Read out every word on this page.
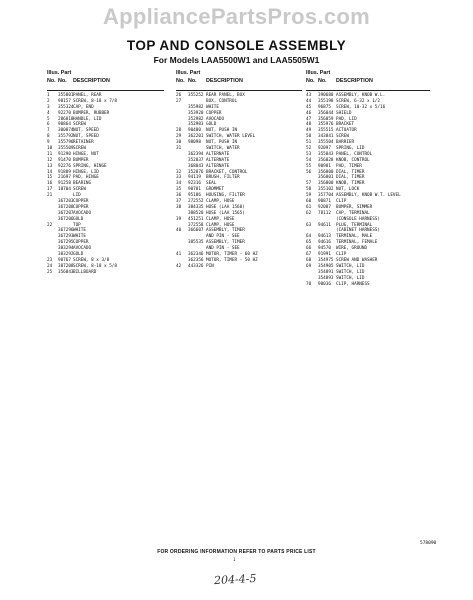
AppliancePartsPros.com
TOP AND CONSOLE ASSEMBLY
For Models LAA5500W1 and LAA5505W1
Illus. Part
No. No. DESCRIPTION
1 355801 PANEL, REAR
2 98157 SCREW, 8-18 x 7/8
3 355324 CAP, END
4 92270 BUMPER, RUBBER
5 286818 HANDLE, LID
6 90864 SCREW
7 300874 NUT, SPEED
8 355792 NUT, SPEED
9 355796 RETAINER
10 355509 SCREW
11 91290 HINGE, NUT
12 91470 BUMPER
13 92276 SPRING, HINGE
14 91889 HINGE, LID
15 21697 PAD, HINGE
16 91258 BEARING
17 18704 SCREW
21	LID
367203 COPPER
367208 COPPER
367207 AVOCADO
367206 GOLD
22	TOP
367296 WHITE
367293 WHITE
367295 COPPER
383294 AVOCADO
383292 GOLD
23 90767 SCREW, 8 x 3/8
24 387208 SCREW, 8-18 x 5/8
25 356843 BILLBOARD
Illus. Part
No. No. DESCRIPTION
26 355252 REAR PANEL, BOX
27	BOX, CONTROL
355982 WHITE
353920 COPPER
352982 AVOCADO
352983 GOLD
28 90480 NUT, PUSH IN
29 362201 SWITCH, WATER LEVEL
30 98098 NUT, PUSH IN
31	SWITCH, WATER
362394 ALTERNATE
352037 ALTERNATE
368043 ALTERNATE
32 352876 BRACKET, CONTROL
33 94119 BRUSH, FILTER
34 92316 SEAL
35 90781 GROMMET
36 95186 HOUSING, FILTER
37 272552 CLAMP, HOSE
38 384335 HOSE (LAA 1560)
388520 HOSE (LAA 1565)
39 451251 CLAMP, HOSE
372558 CLAMP, HOSE
40 366607 ASSEMBLY, TIMER
AND PIN - SEE
385535 ASSEMBLY, TIMER
AND PIN - SEE
41 362346 MOTOR, TIMER - 60 HZ
362356 MOTOR, TIMER - 50 HZ
42 443326 PIN
Illus. Part
No. No. DESCRIPTION
43 390680 ASSEMBLY, KNOB W.L.
44 355198 SCREW, 6-32 x 1/2
45 96875 SCREW, 10-32 x 5/16
46 356044 SHIELD
47 356059 PAD, LID
48 355976 BRACKET
49 355515 ACTUATOR
50 343841 SCREW
51 355504 BARRIER
52 92097 SPRING, LID
53 355843 PANEL, CONTROL
54 356028 KNOB, CONTROL
55 90981 PAD, TIMER
56 356800 DIAL, TIMER
356801 DIAL, TIMER
57 356800 KNOB, TIMER
58 355102 NUT, LOCK
59 357704 ASSEMBLY, KNOB W.T. LEVEL
60 90871 CLIP
61 92087 BUMPER, SIMMER
62 78112 CAP, TERMINAL
(CONSOLE HARNESS)
63 94611 PLUG, TERMINAL
(CABINET HARNESS)
64 94613 TERMINAL, MALE
65 94616 TERMINAL, FEMALE
66 94570 WIRE, GROUND
67 91991 CLIP
68 354975 SCREW AND WASHER
69 354905 SWITCH, LID
354891 SWITCH, LID
354893 SWITCH, LID
70 90036 CLIP, HARNESS
578090
FOR ORDERING INFORMATION REFER TO PARTS PRICE LIST
1
204-4-5
